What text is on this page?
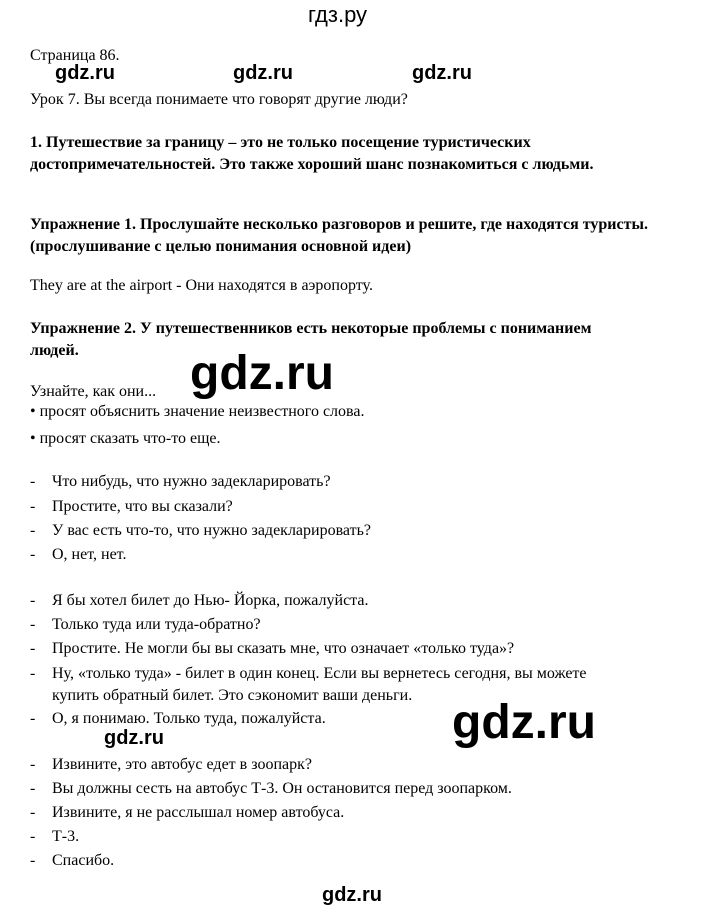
гдз.ру
gdz.ru	gdz.ru	gdz.ru
gdz.ru
gdz.ru
gdz.ru
gdz.ru
Страница 86.
Урок 7. Вы всегда понимаете что говорят другие люди?
1. Путешествие за границу – это не только посещение туристических достопримечательностей. Это также хороший шанс познакомиться с людьми.
Упражнение 1. Прослушайте несколько разговоров и решите, где находятся туристы. (прослушивание с целью понимания основной идеи)
They are at the airport - Они находятся в аэропорту.
Упражнение 2. У путешественников есть некоторые проблемы с пониманием людей.
Узнайте, как они...
• просят объяснить значение неизвестного слова.
• просят сказать что-то еще.
- Что нибудь, что нужно задекларировать?
- Простите, что вы сказали?
- У вас есть что-то, что нужно задекларировать?
- О, нет, нет.
- Я бы хотел билет до Нью- Йорка, пожалуйста.
- Только туда или туда-обратно?
- Простите. Не могли бы вы сказать мне, что означает «только туда»?
-	Ну, «только туда» - билет в один конец. Если вы вернетесь сегодня, вы можете купить обратный билет. Это сэкономит ваши деньги.
- О, я понимаю. Только туда, пожалуйста.
- Извините, это автобус едет в зоопарк?
- Вы должны сесть на автобус Т-3. Он остановится перед зоопарком.
- Извините, я не расслышал номер автобуса.
- Т-3.
- Спасибо.
